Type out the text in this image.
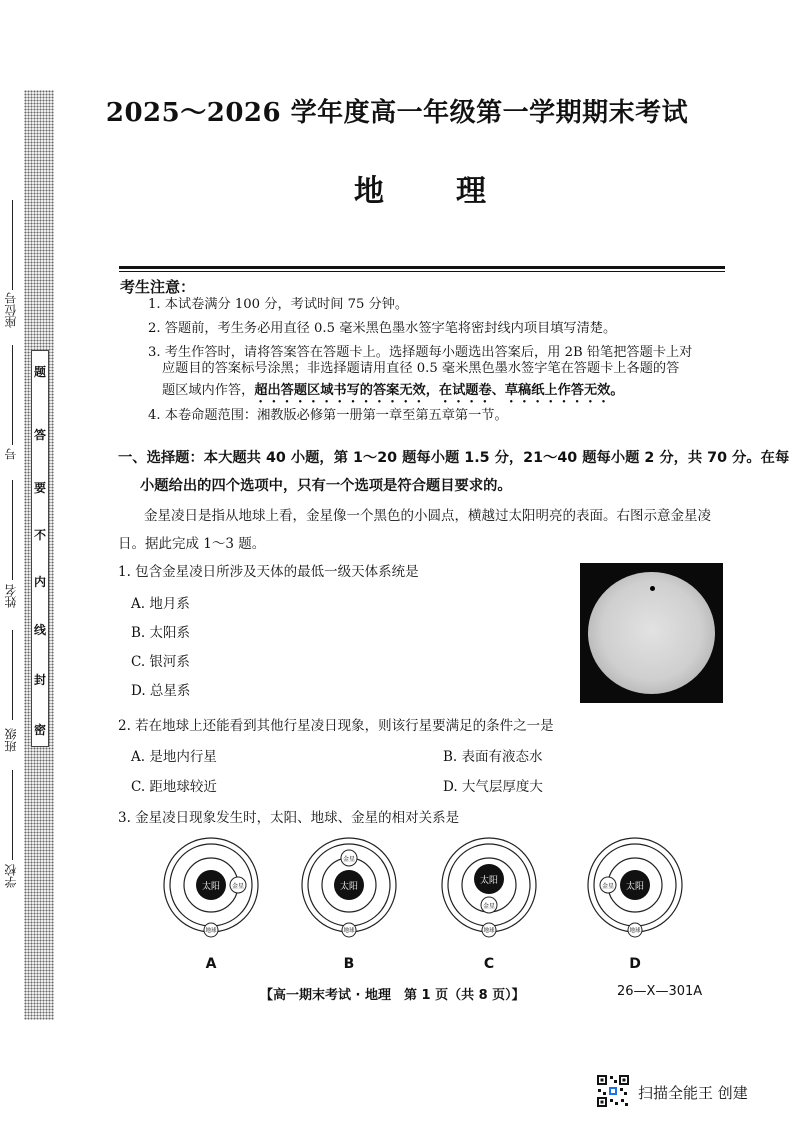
密
封
线
内
不
要
答
题
座位号
号
姓名
班级
学校
2025～2026 学年度高一年级第一学期期末考试
地 理
考生注意：
1. 本试卷满分 100 分，考试时间 75 分钟。
2. 答题前，考生务必用直径 0.5 毫米黑色墨水签字笔将密封线内项目填写清楚。
3. 考生作答时，请将答案答在答题卡上。选择题每小题选出答案后，用 2B 铅笔把答题卡上对
应题目的答案标号涂黑；非选择题请用直径 0.5 毫米黑色墨水签字笔在答题卡上各题的答
题区域内作答，超出答题区域书写的答案无效，在试题卷、草稿纸上作答无效。
4. 本卷命题范围：湘教版必修第一册第一章至第五章第一节。
一、选择题：本大题共 40 小题，第 1～20 题每小题 1.5 分，21～40 题每小题 2 分，共 70 分。在每
小题给出的四个选项中，只有一个选项是符合题目要求的。
金星凌日是指从地球上看，金星像一个黑色的小圆点，横越过太阳明亮的表面。右图示意金星凌日。据此完成 1～3 题。
1. 包含金星凌日所涉及天体的最低一级天体系统是
A. 地月系
B. 太阳系
C. 银河系
D. 总星系
2. 若在地球上还能看到其他行星凌日现象，则该行星要满足的条件之一是
A. 是地内行星	B. 表面有液态水
C. 距地球较近	D. 大气层厚度大
3. 金星凌日现象发生时，太阳、地球、金星的相对关系是
太阳 金星
地球
太阳
金星
地球
太阳
金星
地球
太阳
金星
地球
A	B	C	D
【高一期末考试 · 地理　第 1 页（共 8 页）】	26—X—301A
扫描全能王 创建
